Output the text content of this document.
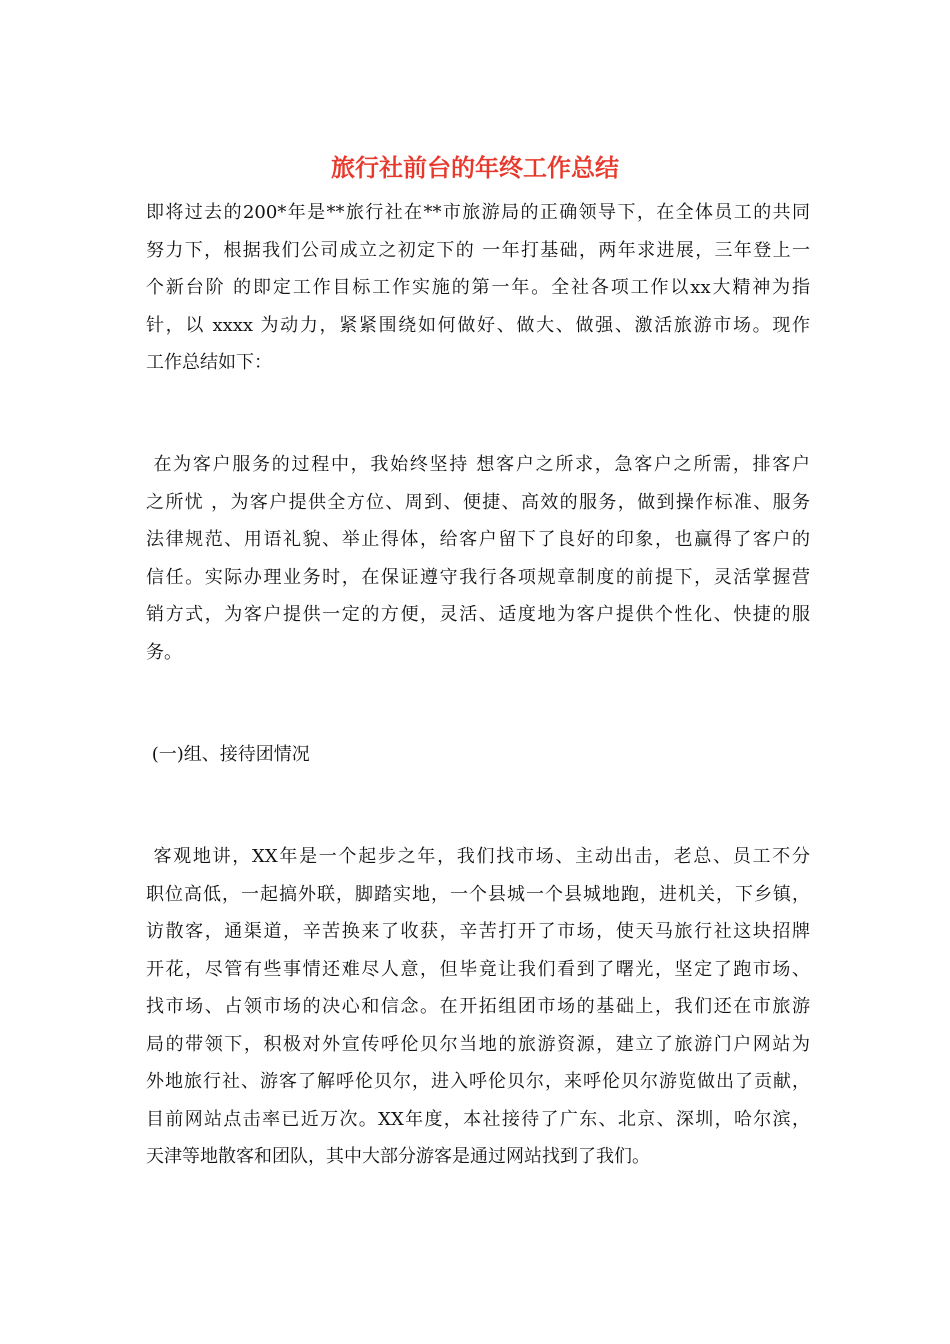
旅行社前台的年终工作总结
即将过去的200*年是**旅行社在**市旅游局的正确领导下，在全体员工的共同
努力下，根据我们公司成立之初定下的 一年打基础，两年求进展，三年登上一
个新台阶 的即定工作目标工作实施的第一年。全社各项工作以xx大精神为指
针，以 xxxx 为动力，紧紧围绕如何做好、做大、做强、激活旅游市场。现作
工作总结如下：
在为客户服务的过程中，我始终坚持 想客户之所求，急客户之所需，排客户
之所忧 ，为客户提供全方位、周到、便捷、高效的服务，做到操作标准、服务
法律规范、用语礼貌、举止得体，给客户留下了良好的印象，也赢得了客户的
信任。实际办理业务时，在保证遵守我行各项规章制度的前提下，灵活掌握营
销方式，为客户提供一定的方便，灵活、适度地为客户提供个性化、快捷的服
务。
(一)组、接待团情况
客观地讲，XX年是一个起步之年，我们找市场、主动出击，老总、员工不分
职位高低，一起搞外联，脚踏实地，一个县城一个县城地跑，进机关，下乡镇，
访散客，通渠道，辛苦换来了收获，辛苦打开了市场，使天马旅行社这块招牌
开花，尽管有些事情还难尽人意，但毕竟让我们看到了曙光，坚定了跑市场、
找市场、占领市场的决心和信念。在开拓组团市场的基础上，我们还在市旅游
局的带领下，积极对外宣传呼伦贝尔当地的旅游资源，建立了旅游门户网站为
外地旅行社、游客了解呼伦贝尔，进入呼伦贝尔，来呼伦贝尔游览做出了贡献，
目前网站点击率已近万次。XX年度，本社接待了广东、北京、深圳，哈尔滨，
天津等地散客和团队，其中大部分游客是通过网站找到了我们。
